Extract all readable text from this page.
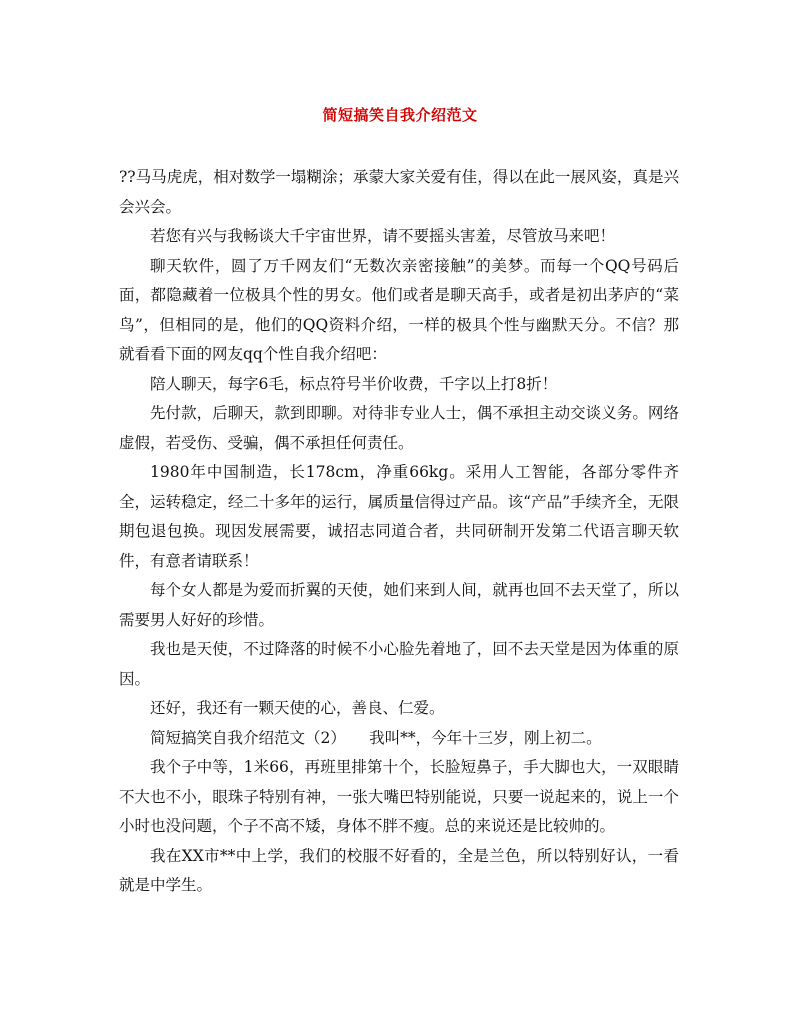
简短搞笑自我介绍范文

??马马虎虎，相对数学一塌糊涂；承蒙大家关爱有佳，得以在此一展风姿，真是兴会兴会。

若您有兴与我畅谈大千宇宙世界，请不要摇头害羞，尽管放马来吧！

聊天软件，圆了万千网友们“无数次亲密接触”的美梦。而每一个QQ号码后面，都隐藏着一位极具个性的男女。他们或者是聊天高手，或者是初出茅庐的“菜鸟”，但相同的是，他们的QQ资料介绍，一样的极具个性与幽默天分。不信？那就看看下面的网友qq个性自我介绍吧：

陪人聊天，每字6毛，标点符号半价收费，千字以上打8折！

先付款，后聊天，款到即聊。对待非专业人士，偶不承担主动交谈义务。网络虚假，若受伤、受骗，偶不承担任何责任。

1980年中国制造，长178cm，净重66kg。采用人工智能，各部分零件齐全，运转稳定，经二十多年的运行，属质量信得过产品。该“产品”手续齐全，无限期包退包换。现因发展需要，诚招志同道合者，共同研制开发第二代语言聊天软件，有意者请联系！

每个女人都是为爱而折翼的天使，她们来到人间，就再也回不去天堂了，所以需要男人好好的珍惜。

我也是天使，不过降落的时候不小心脸先着地了，回不去天堂是因为体重的原因。

还好，我还有一颗天使的心，善良、仁爱。

简短搞笑自我介绍范文（2）　　我叫**，今年十三岁，刚上初二。

我个子中等，1米66，再班里排第十个，长脸短鼻子，手大脚也大，一双眼睛不大也不小，眼珠子特别有神，一张大嘴巴特别能说，只要一说起来的，说上一个小时也没问题，个子不高不矮，身体不胖不瘦。总的来说还是比较帅的。

我在XX市**中上学，我们的校服不好看的，全是兰色，所以特别好认，一看就是中学生。
